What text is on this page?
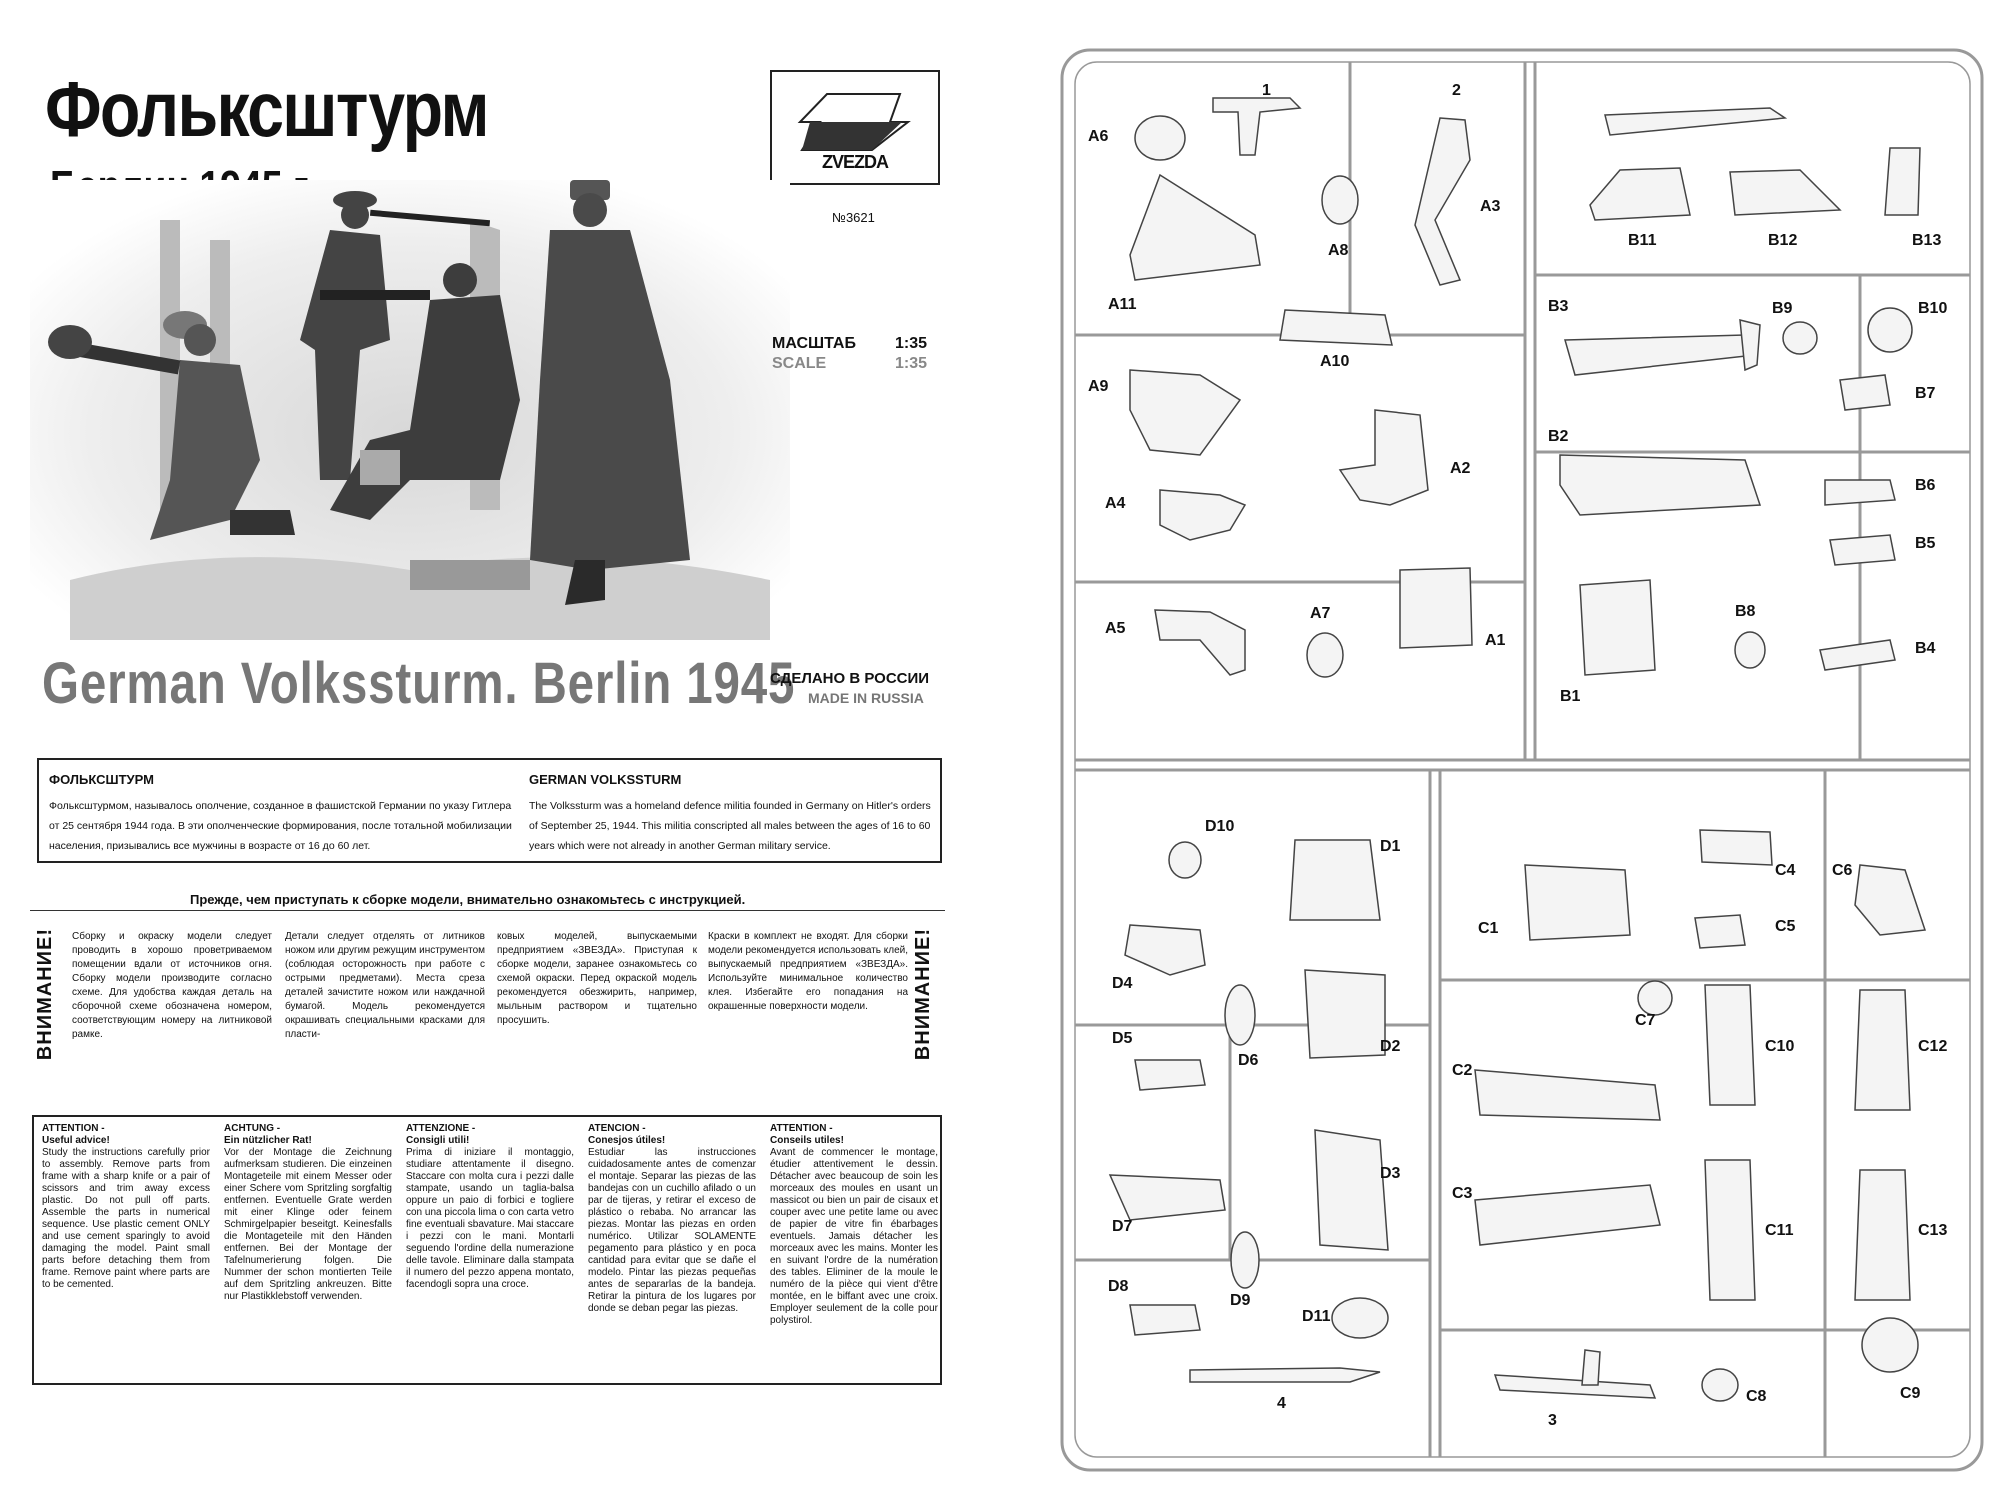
Фольксштурм
ZVEZDA
№3621
МАСШТАБ 1:35
SCALE	1:35
German Volkssturm. Berlin 1945
СДЕЛАНО В РОССИИ
MADE IN RUSSIA
ФОЛЬКСШТУРМ
Фольксштурмом, называлось ополчение, созданное в фашистской Германии по указу Гитлера от 25 сентября 1944 года. В эти ополченческие формирования, после тотальной мобилизации населения, призывались все мужчины в возрасте от 16 до 60 лет.
GERMAN VOLKSSTURM
The Volkssturm was a homeland defence militia founded in Germany on Hitler's orders of September 25, 1944. This militia conscripted all males between the ages of 16 to 60 years which were not already in another German military service.
Прежде, чем приступать к сборке модели, внимательно ознакомьтесь с инструкцией.
ВНИМАНИЕ! Сборку и окраску модели следует проводить в хорошо проветриваемом помещении вдали от источников огня. Сборку модели производите согласно схеме. Для удобства каждая деталь на сборочной схеме обозначена номером, соответствующим номеру на литниковой рамке.
Детали следует отделять от литников ножом или другим режущим инструментом (соблюдая осторожность при работе с острыми предметами). Места среза деталей зачистите ножом или наждачной бумагой. Модель рекомендуется окрашивать специальными красками для пласти-
ковых моделей, выпускаемыми предприятием «ЗВЕЗДА». Приступая к сборке модели, заранее ознакомьтесь со схемой окраски. Перед окраской модель рекомендуется обезжирить, например, мыльным раствором и тщательно просушить.
Краски в комплект не входят. Для сборки модели рекомендуется использовать клей, выпускаемый предприятием «ЗВЕЗДА». Используйте минимальное количество клея. Избегайте его попадания на окрашенные поверхности модели.	ВНИМАНИЕ!
ATTENTION -
Useful advice!
Study the instructions carefully prior to assembly. Remove parts from frame with a sharp knife or a pair of scissors and trim away excess plastic. Do not pull off parts. Assemble the parts in numerical sequence. Use plastic cement ONLY and use cement sparingly to avoid damaging the model. Paint small parts before detaching them from frame. Remove paint where parts are to be cemented.
ACHTUNG -
Ein nützlicher Rat!
Vor der Montage die Zeichnung aufmerksam studieren. Die einzeinen Montageteile mit einem Messer oder einer Schere vom Spritzling sorgfaltig entfernen. Eventuelle Grate werden mit einer Klinge oder feinem Schmirgelpapier beseitgt. Keinesfalls die Montageteile mit den Händen entfernen. Bei der Montage der Tafelnumerierung folgen. Die Nummer der schon montierten Teile auf dem Spritzling ankreuzen. Bitte nur Plastikklebstoff verwenden.
ATTENZIONE -
Consigli utili!
Prima di iniziare il montaggio, studiare attentamente il disegno. Staccare con molta cura i pezzi dalle stampate, usando un taglia-balsa oppure un paio di forbici e togliere con una piccola lima o con carta vetro fine eventuali sbavature. Mai staccare i pezzi con le mani. Montarli seguendo l'ordine della numerazione delle tavole. Eliminare dalla stampata il numero del pezzo appena montato, facendogli sopra una croce.
ATENCION -
Conesjos útiles!
Estudiar las instrucciones cuidadosamente antes de comenzar el montaje. Separar las piezas de las bandejas con un cuchillo afilado o un par de tijeras, y retirar el exceso de plástico o rebaba. No arrancar las piezas. Montar las piezas en orden numérico. Utilizar SOLAMENTE pegamento para plástico y en poca cantidad para evitar que se dañe el modelo. Pintar las piezas pequeñas antes de separarlas de la bandeja. Retirar la pintura de los lugares por donde se deban pegar las piezas.
ATTENTION -
Conseils utiles!
Avant de commencer le montage, étudier attentivement le dessin. Détacher avec beaucoup de soin les morceaux des moules en usant un massicot ou bien un pair de cisaux et couper avec une petite lame ou avec de papier de vitre fin ébarbages eventuels. Jamais détacher les morceaux avec les mains. Monter les en suivant l'ordre de la numération des tables. Eliminer de la moule le numéro de la pièce qui vient d'être montée, en le biffant avec une croix. Employer seulement de la colle pour polystirol.
A6
1	2
A3
A8
A11
A10
A9
A2
A4
A5
A7
A1
B11	B12	B13
B3	B9	B10
B7
B2
B6
B5
B8
B4
B1
D10
D1
D4
D5
D6
D2
D3
D7
D8
D9
D11
4
C1
C4
C5
C6
C7
C10	C12
C2
C3
C11	C13
C8	C9
3
